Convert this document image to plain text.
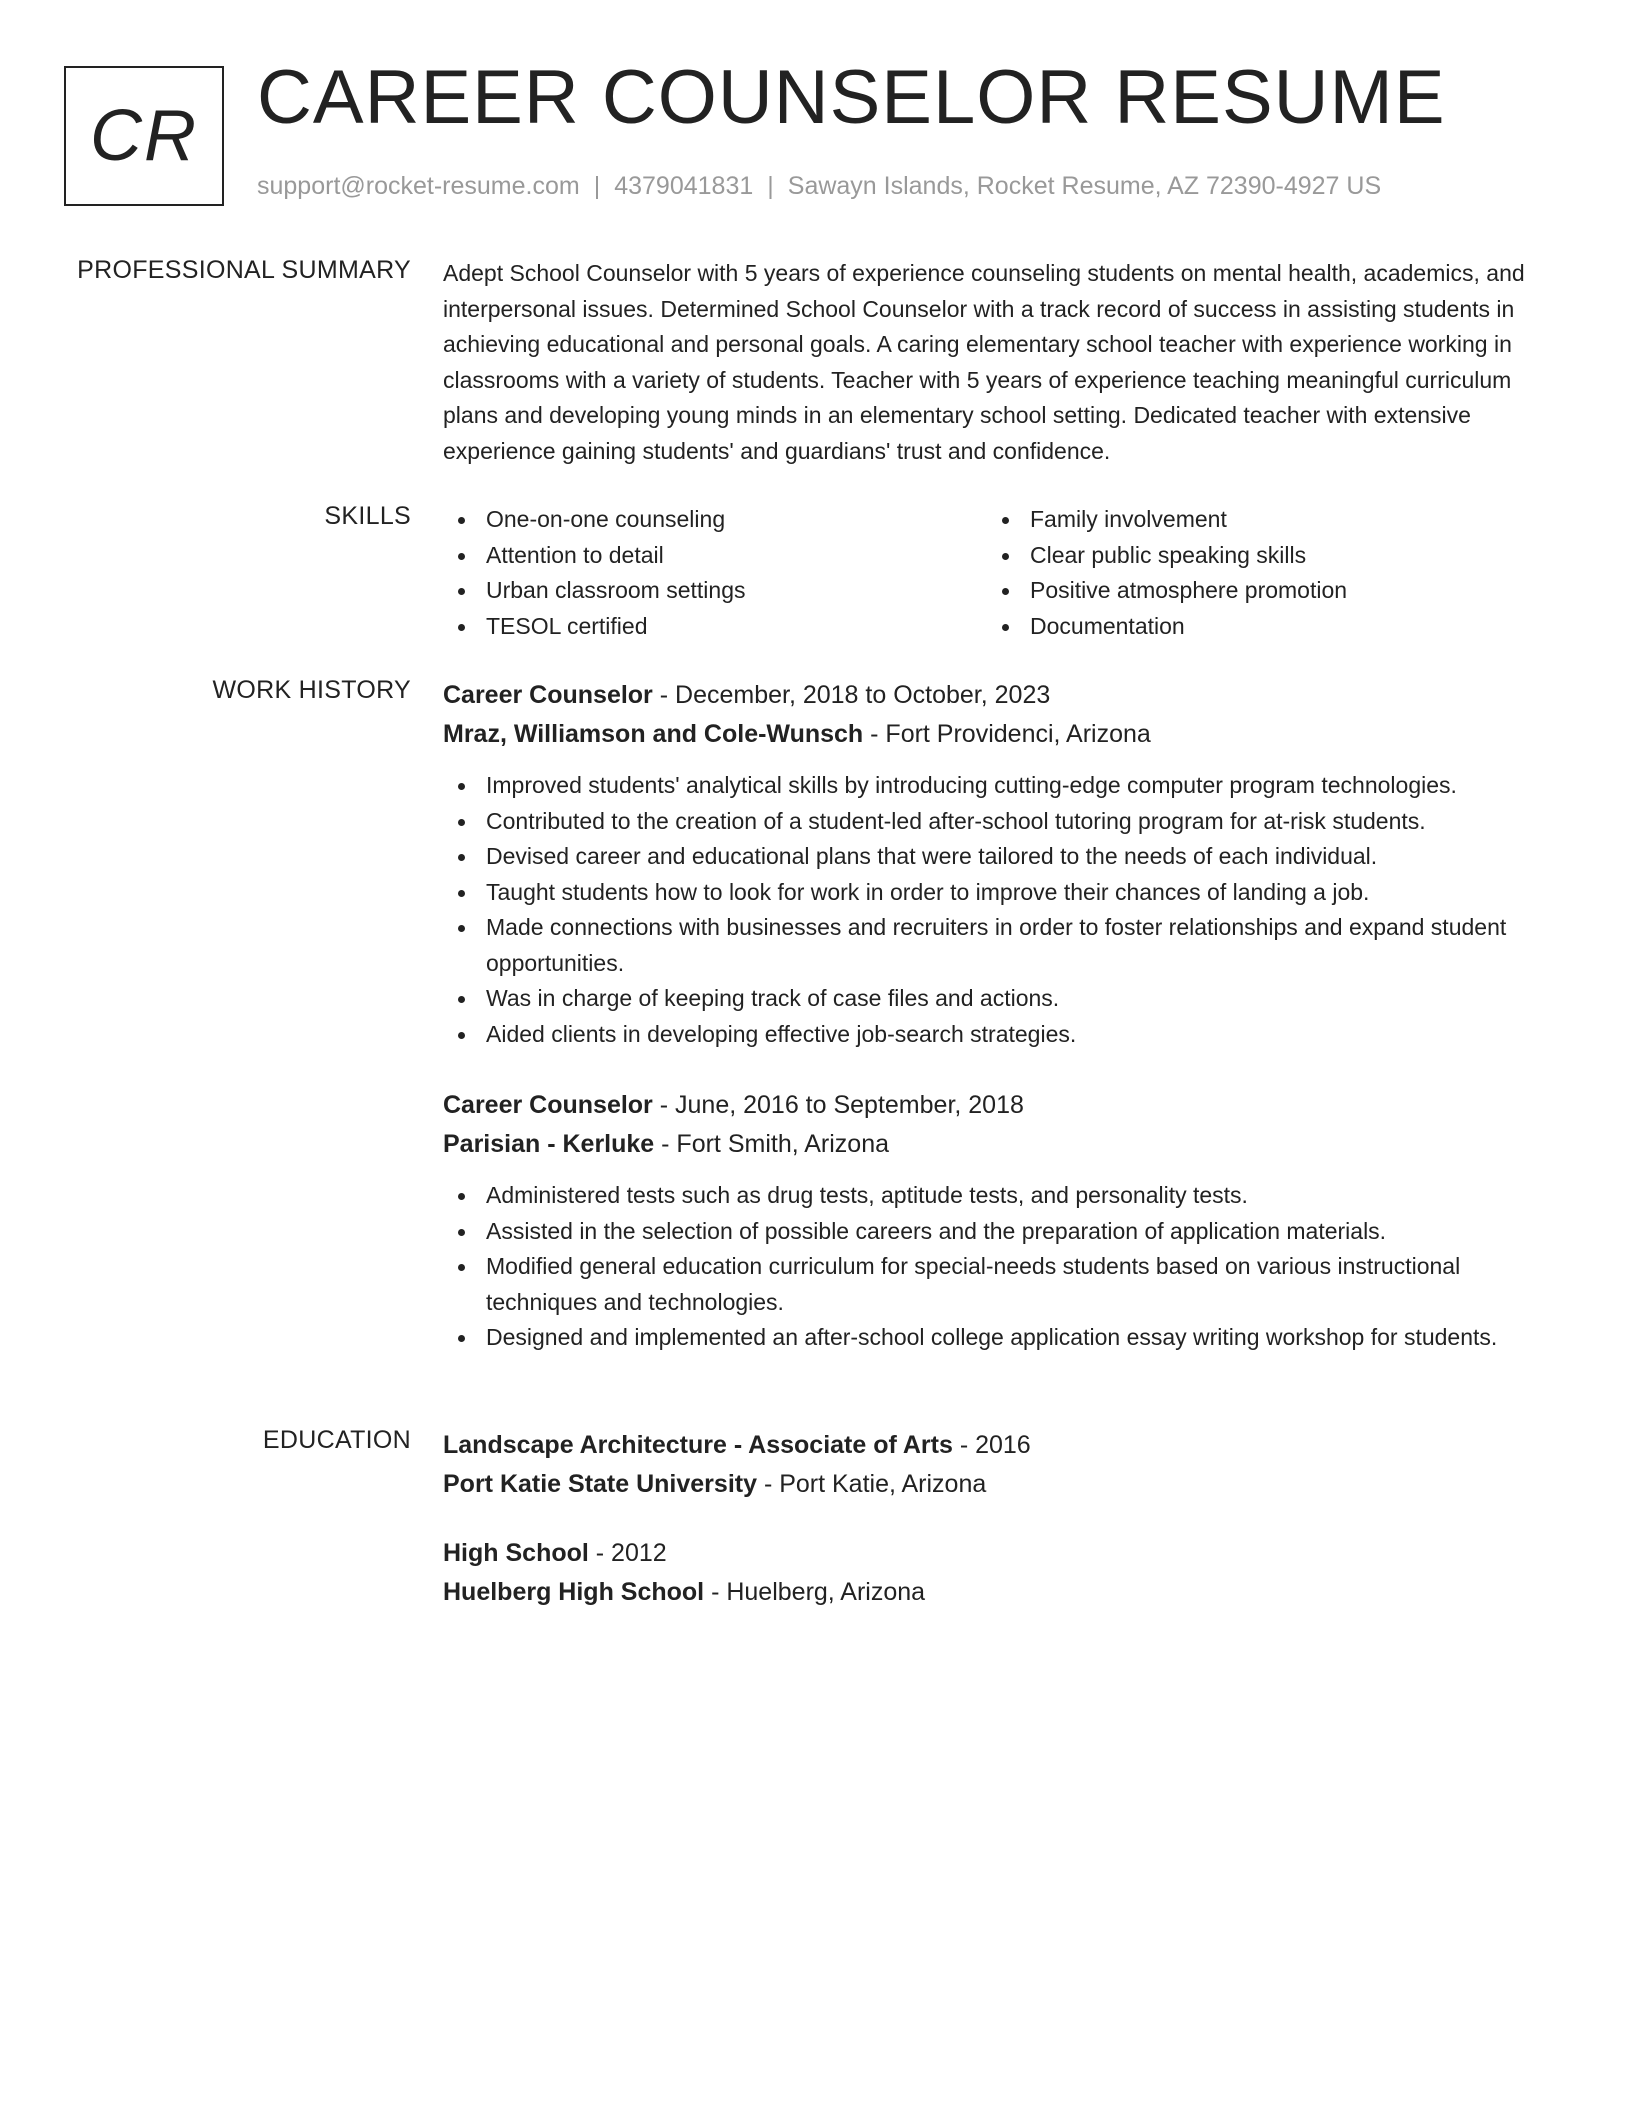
CR CAREER COUNSELOR RESUME
support@rocket-resume.com | 4379041831 | Sawayn Islands, Rocket Resume, AZ 72390-4927 US
PROFESSIONAL SUMMARY Adept School Counselor with 5 years of experience counseling students on mental health, academics, and interpersonal issues. Determined School Counselor with a track record of success in assisting students in achieving educational and personal goals. A caring elementary school teacher with experience working in classrooms with a variety of students. Teacher with 5 years of experience teaching meaningful curriculum plans and developing young minds in an elementary school setting. Dedicated teacher with extensive experience gaining students' and guardians' trust and confidence.

SKILLS	One-on-one counseling
Attention to detail
Urban classroom settings
TESOL certified
Family involvement
Clear public speaking skills
Positive atmosphere promotion
Documentation
WORK HISTORY Career Counselor - December, 2018 to October, 2023
Mraz, Williamson and Cole-Wunsch - Fort Providenci, Arizona
Improved students' analytical skills by introducing cutting-edge computer program technologies.
Contributed to the creation of a student-led after-school tutoring program for at-risk students.
Devised career and educational plans that were tailored to the needs of each individual.
Taught students how to look for work in order to improve their chances of landing a job.
Made connections with businesses and recruiters in order to foster relationships and expand student opportunities.
Was in charge of keeping track of case files and actions.
Aided clients in developing effective job-search strategies.
Career Counselor - June, 2016 to September, 2018
Parisian - Kerluke - Fort Smith, Arizona
Administered tests such as drug tests, aptitude tests, and personality tests.
Assisted in the selection of possible careers and the preparation of application materials.
Modified general education curriculum for special-needs students based on various instructional techniques and technologies.
Designed and implemented an after-school college application essay writing workshop for students.
EDUCATION Landscape Architecture - Associate of Arts - 2016
Port Katie State University - Port Katie, Arizona
High School - 2012
Huelberg High School - Huelberg, Arizona
